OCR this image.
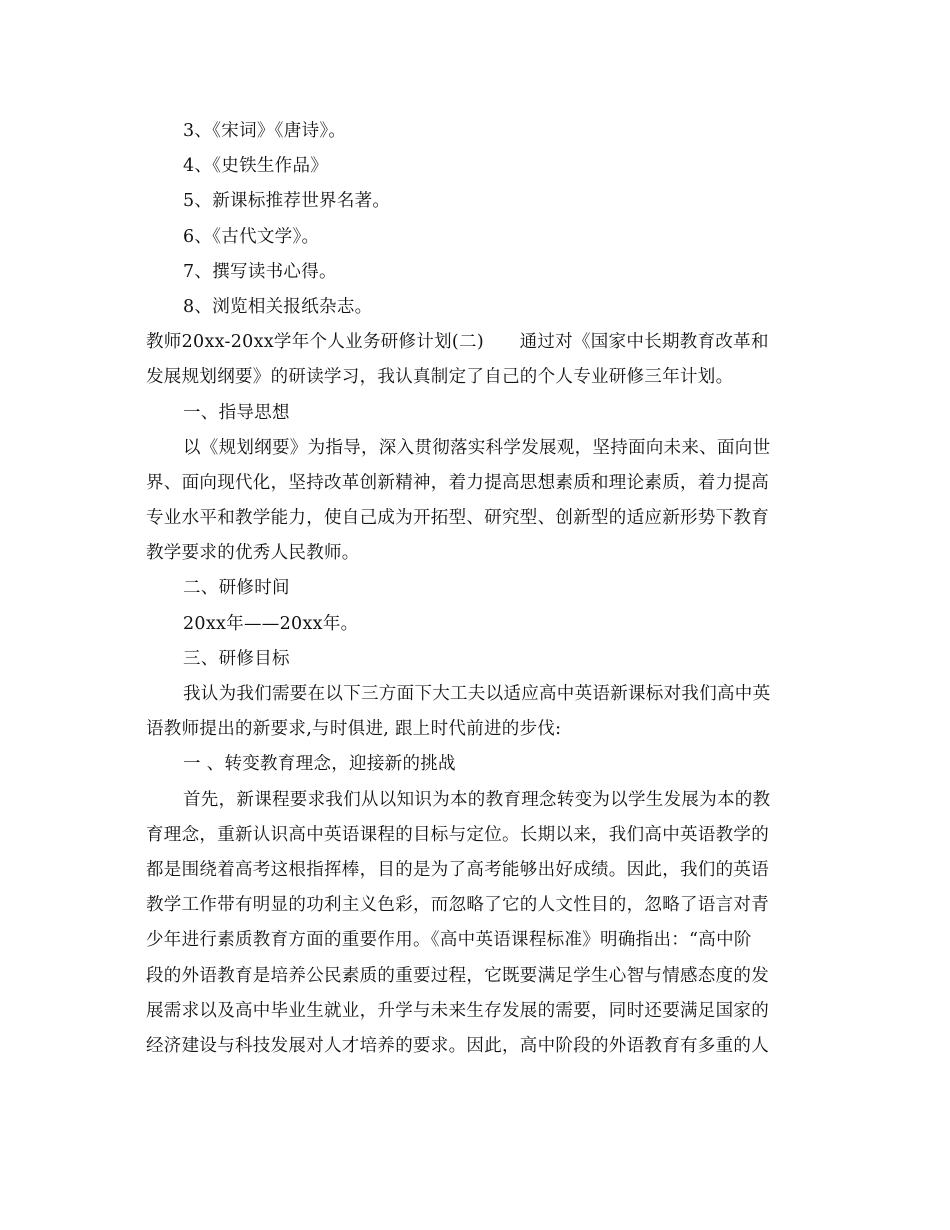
3、《宋词》《唐诗》。
4、《史铁生作品》
5、新课标推荐世界名著。
6、《古代文学》。
7、撰写读书心得。
8、浏览相关报纸杂志。
教师20xx-20xx学年个人业务研修计划(二)　　通过对《国家中长期教育改革和
发展规划纲要》的研读学习，我认真制定了自己的个人专业研修三年计划。
一、指导思想
以《规划纲要》为指导，深入贯彻落实科学发展观，坚持面向未来、面向世
界、面向现代化，坚持改革创新精神，着力提高思想素质和理论素质，着力提高
专业水平和教学能力，使自己成为开拓型、研究型、创新型的适应新形势下教育
教学要求的优秀人民教师。
二、研修时间
20xx年——20xx年。
三、研修目标
我认为我们需要在以下三方面下大工夫以适应高中英语新课标对我们高中英
语教师提出的新要求,与时俱进, 跟上时代前进的步伐:
一 、转变教育理念，迎接新的挑战
首先，新课程要求我们从以知识为本的教育理念转变为以学生发展为本的教
育理念，重新认识高中英语课程的目标与定位。长期以来，我们高中英语教学的
都是围绕着高考这根指挥棒，目的是为了高考能够出好成绩。因此，我们的英语
教学工作带有明显的功利主义色彩，而忽略了它的人文性目的，忽略了语言对青
少年进行素质教育方面的重要作用。《高中英语课程标准》明确指出：“高中阶
段的外语教育是培养公民素质的重要过程，它既要满足学生心智与情感态度的发
展需求以及高中毕业生就业，升学与未来生存发展的需要，同时还要满足国家的
经济建设与科技发展对人才培养的要求。因此，高中阶段的外语教育有多重的人
